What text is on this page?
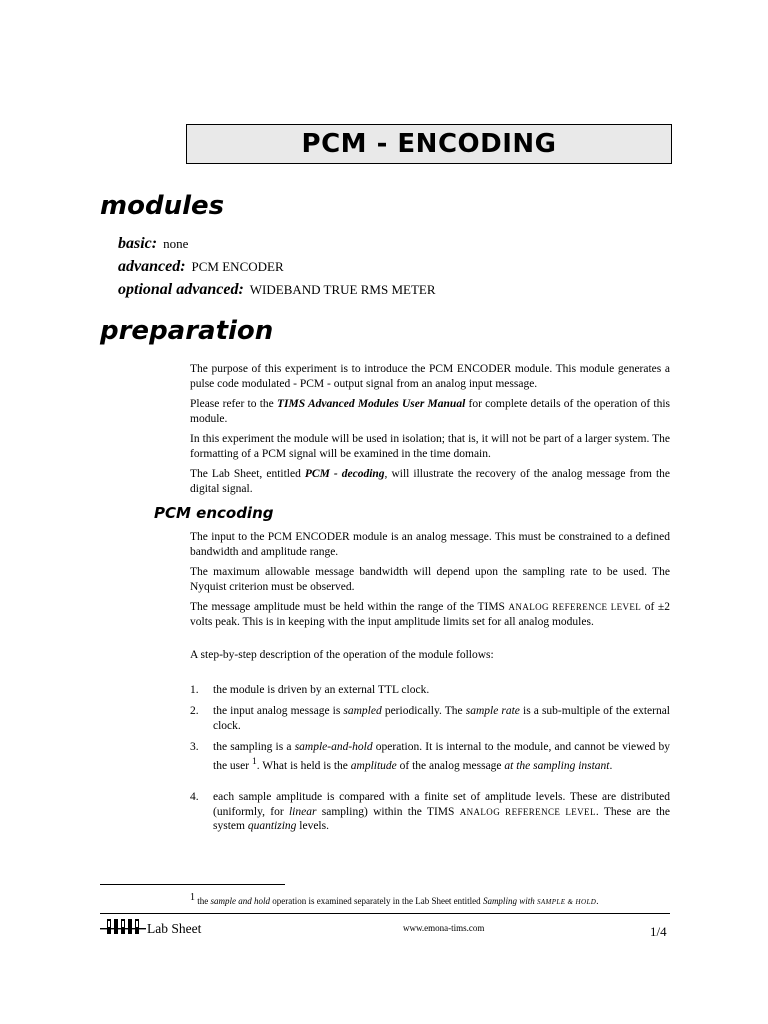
PCM - ENCODING
modules
basic: none
advanced: PCM ENCODER
optional advanced: WIDEBAND TRUE RMS METER
preparation
The purpose of this experiment is to introduce the PCM ENCODER module. This module generates a pulse code modulated - PCM - output signal from an analog input message.
Please refer to the TIMS Advanced Modules User Manual for complete details of the operation of this module.
In this experiment the module will be used in isolation; that is, it will not be part of a larger system. The formatting of a PCM signal will be examined in the time domain.
The Lab Sheet, entitled PCM - decoding, will illustrate the recovery of the analog message from the digital signal.
PCM encoding
The input to the PCM ENCODER module is an analog message. This must be constrained to a defined bandwidth and amplitude range.
The maximum allowable message bandwidth will depend upon the sampling rate to be used. The Nyquist criterion must be observed.
The message amplitude must be held within the range of the TIMS ANALOG REFERENCE LEVEL of ±2 volts peak. This is in keeping with the input amplitude limits set for all analog modules.
A step-by-step description of the operation of the module follows:
1.	the module is driven by an external TTL clock.
2.	the input analog message is sampled periodically. The sample rate is a sub-multiple of the external clock.
3.	the sampling is a sample-and-hold operation. It is internal to the module, and cannot be viewed by the user $^1$. What is held is the amplitude of the analog message at the sampling instant.
4.	each sample amplitude is compared with a finite set of amplitude levels. These are distributed (uniformly, for linear sampling) within the TIMS ANALOG REFERENCE LEVEL. These are the system quantizing levels.
$^1$ the sample and hold operation is examined separately in the Lab Sheet entitled Sampling with SAMPLE & HOLD.
Lab Sheet	www.emona-tims.com	1/4
